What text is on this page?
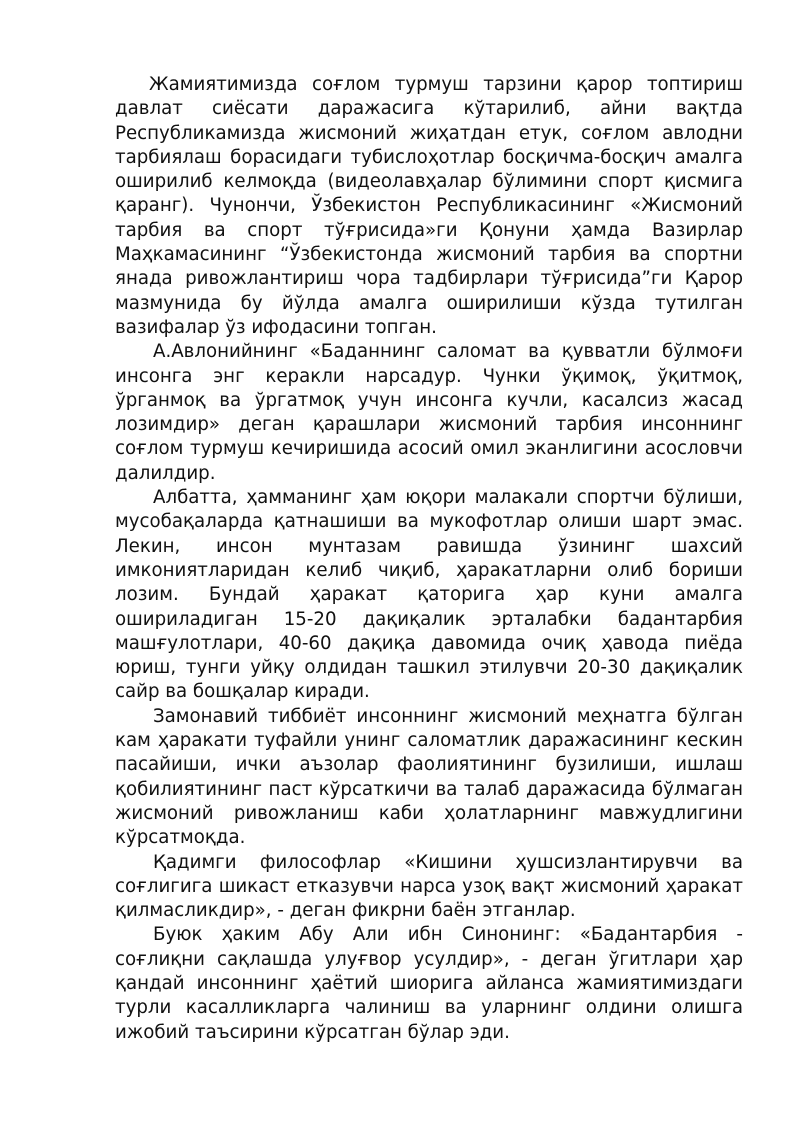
Жамиятимизда соғлом турмуш тарзини қарор топтириш давлат сиёсати даражасига кўтарилиб, айни вақтда Республикамизда жисмоний жиҳатдан етук, соғлом авлодни тарбиялаш борасидаги тубислоҳотлар босқичма-босқич амалга оширилиб келмоқда (видеолавҳалар бўлимини спорт қисмига қаранг). Чунончи, Ўзбекистон Республикасининг «Жисмоний тарбия ва спорт тўғрисида»ги Қонуни ҳамда Вазирлар Маҳкамасининг “Ўзбекистонда жисмоний тарбия ва спортни янада ривожлантириш чора тадбирлари тўғрисида”ги Қарор мазмунида бу йўлда амалга оширилиши кўзда тутилган вазифалар ўз ифодасини топган.

А.Авлонийнинг «Баданнинг саломат ва қувватли бўлмоғи инсонга энг керакли нарсадур. Чунки ўқимоқ, ўқитмоқ, ўрганмоқ ва ўргатмоқ учун инсонга кучли, касалсиз жасад лозимдир» деган қарашлари жисмоний тарбия инсоннинг соғлом турмуш кечиришида асосий омил эканлигини асословчи далилдир.

Албатта, ҳамманинг ҳам юқори малакали спортчи бўлиши, мусобақаларда қатнашиши ва мукофотлар олиши шарт эмас. Лекин, инсон мунтазам равишда ўзининг шахсий имкониятларидан келиб чиқиб, ҳаракатларни олиб бориши лозим. Бундай ҳаракат қаторига ҳар куни амалга ошириладиган 15-20 дақиқалик эрталабки бадантарбия машғулотлари, 40-60 дақиқа давомида очиқ ҳавода пиёда юриш, тунги уйқу олдидан ташкил этилувчи 20-30 дақиқалик сайр ва бошқалар киради.

Замонавий тиббиёт инсоннинг жисмоний меҳнатга бўлган кам ҳаракати туфайли унинг саломатлик даражасининг кескин пасайиши, ички аъзолар фаолиятининг бузилиши, ишлаш қобилиятининг паст кўрсаткичи ва талаб даражасида бўлмаган жисмоний ривожланиш каби ҳолатларнинг мавжудлигини кўрсатмоқда.

Қадимги философлар «Кишини ҳушсизлантирувчи ва соғлигига шикаст етказувчи нарса узоқ вақт жисмоний ҳаракат қилмасликдир», - деган фикрни баён этганлар.

Буюк ҳаким Абу Али ибн Синонинг: «Бадантарбия - соғлиқни сақлашда улуғвор усулдир», - деган ўгитлари ҳар қандай инсоннинг ҳаётий шиорига айланса жамиятимиздаги турли касалликларга чалиниш ва уларнинг олдини олишга ижобий таъсирини кўрсатган бўлар эди.
